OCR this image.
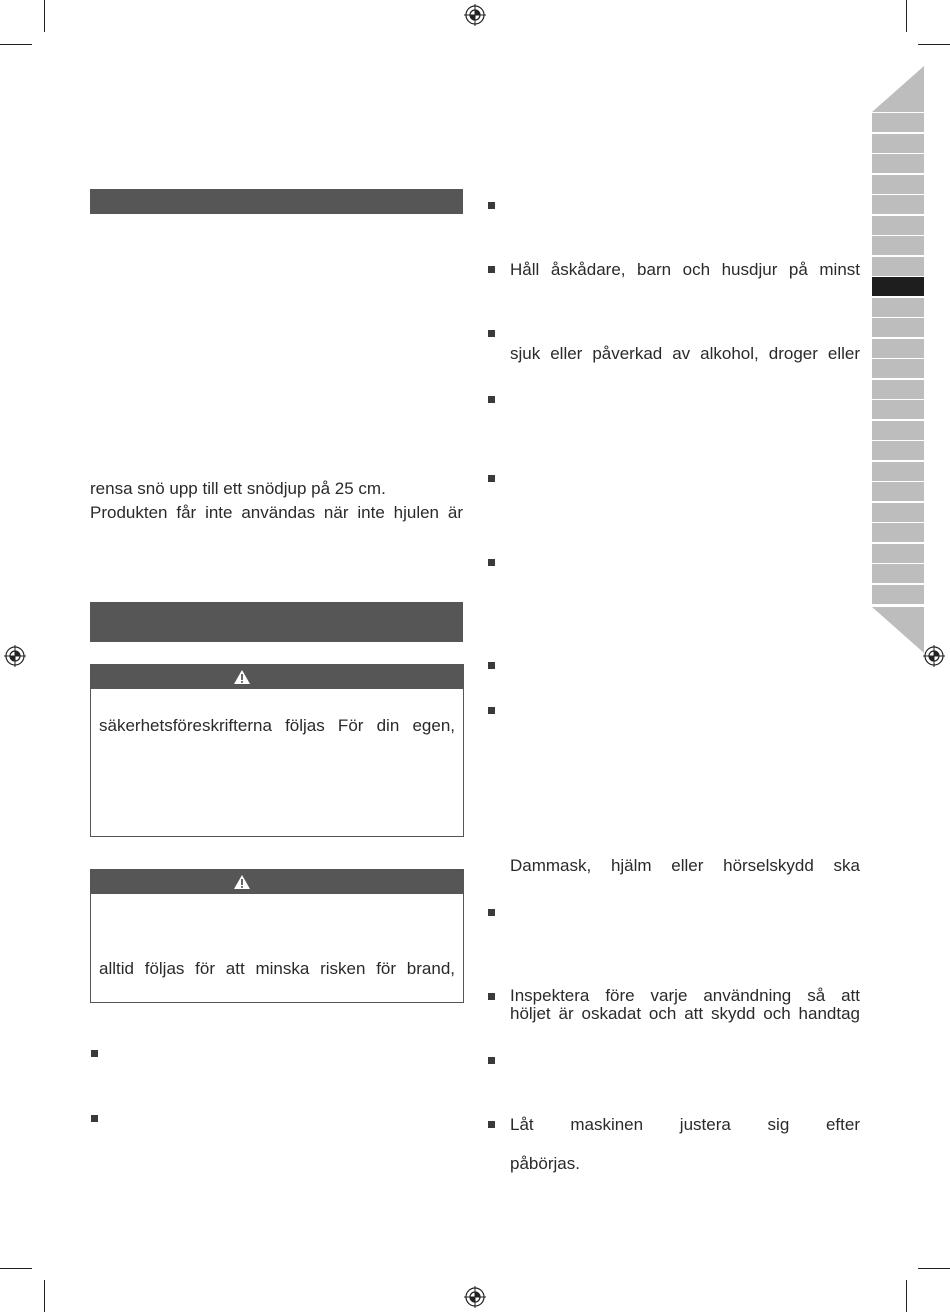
rensa snö upp till ett snödjup på 25 cm.
Produkten får inte användas när inte hjulen är
säkerhetsföreskrifterna följas För din egen,
alltid följas för att minska risken för brand,
Håll åskådare, barn och husdjur på minst
sjuk eller påverkad av alkohol, droger eller
Dammask, hjälm eller hörselskydd ska
Inspektera före varje användning så att
höljet är oskadat och att skydd och handtag
Låt maskinen justera sig efter
påbörjas.
